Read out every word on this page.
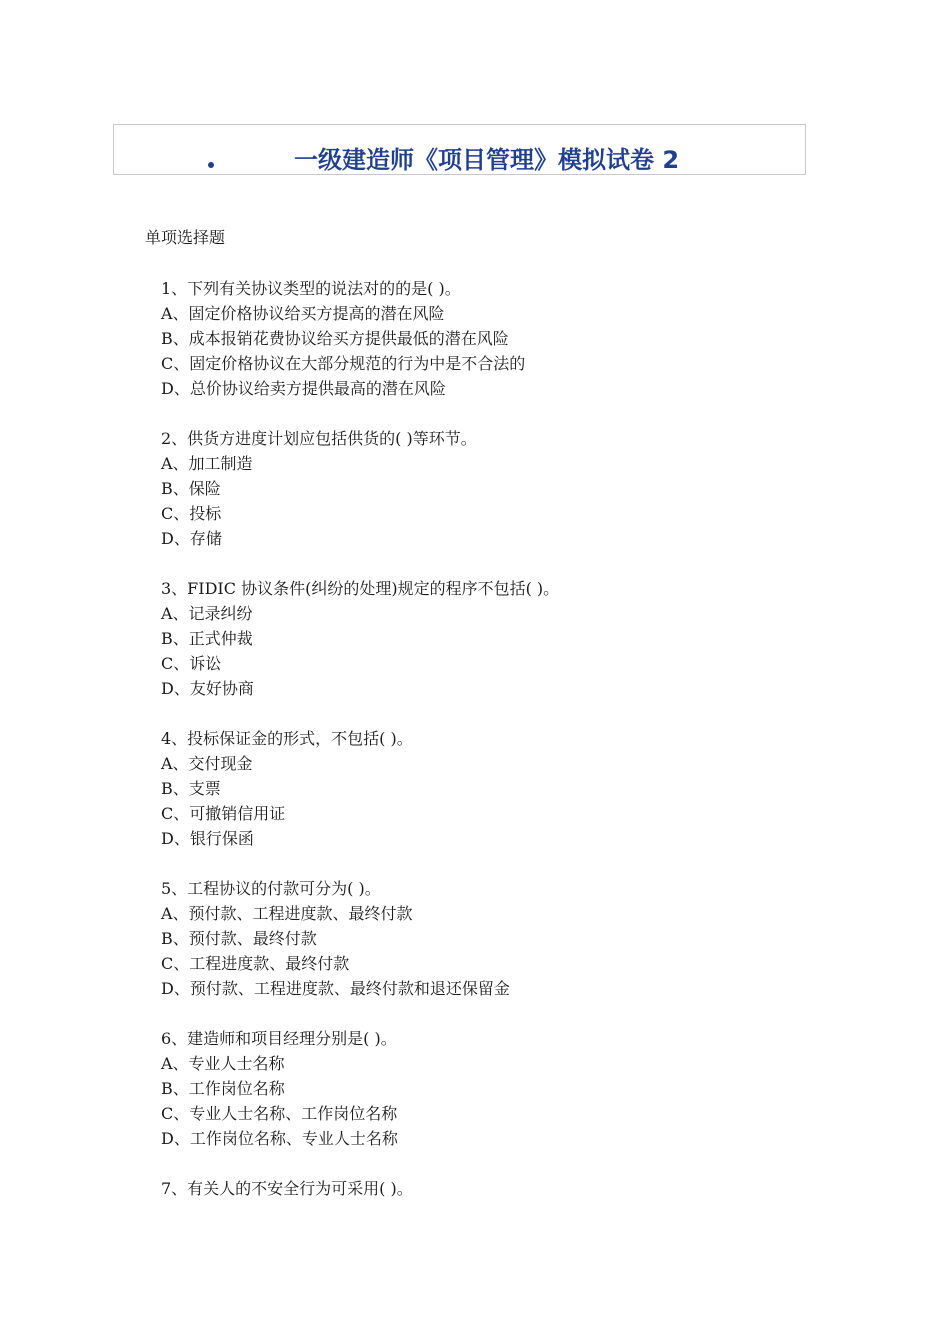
一级建造师《项目管理》模拟试卷 2
单项选择题
1、下列有关协议类型的说法对的的是( )。
A、固定价格协议给买方提高的潜在风险
B、成本报销花费协议给买方提供最低的潜在风险
C、固定价格协议在大部分规范的行为中是不合法的
D、总价协议给卖方提供最高的潜在风险
2、供货方进度计划应包括供货的( )等环节。
A、加工制造
B、保险
C、投标
D、存储
3、FIDIC 协议条件(纠纷的处理)规定的程序不包括( )。
A、记录纠纷
B、正式仲裁
C、诉讼
D、友好协商
4、投标保证金的形式，不包括( )。
A、交付现金
B、支票
C、可撤销信用证
D、银行保函
5、工程协议的付款可分为( )。
A、预付款、工程进度款、最终付款
B、预付款、最终付款
C、工程进度款、最终付款
D、预付款、工程进度款、最终付款和退还保留金
6、建造师和项目经理分别是( )。
A、专业人士名称
B、工作岗位名称
C、专业人士名称、工作岗位名称
D、工作岗位名称、专业人士名称
7、有关人的不安全行为可采用( )。
